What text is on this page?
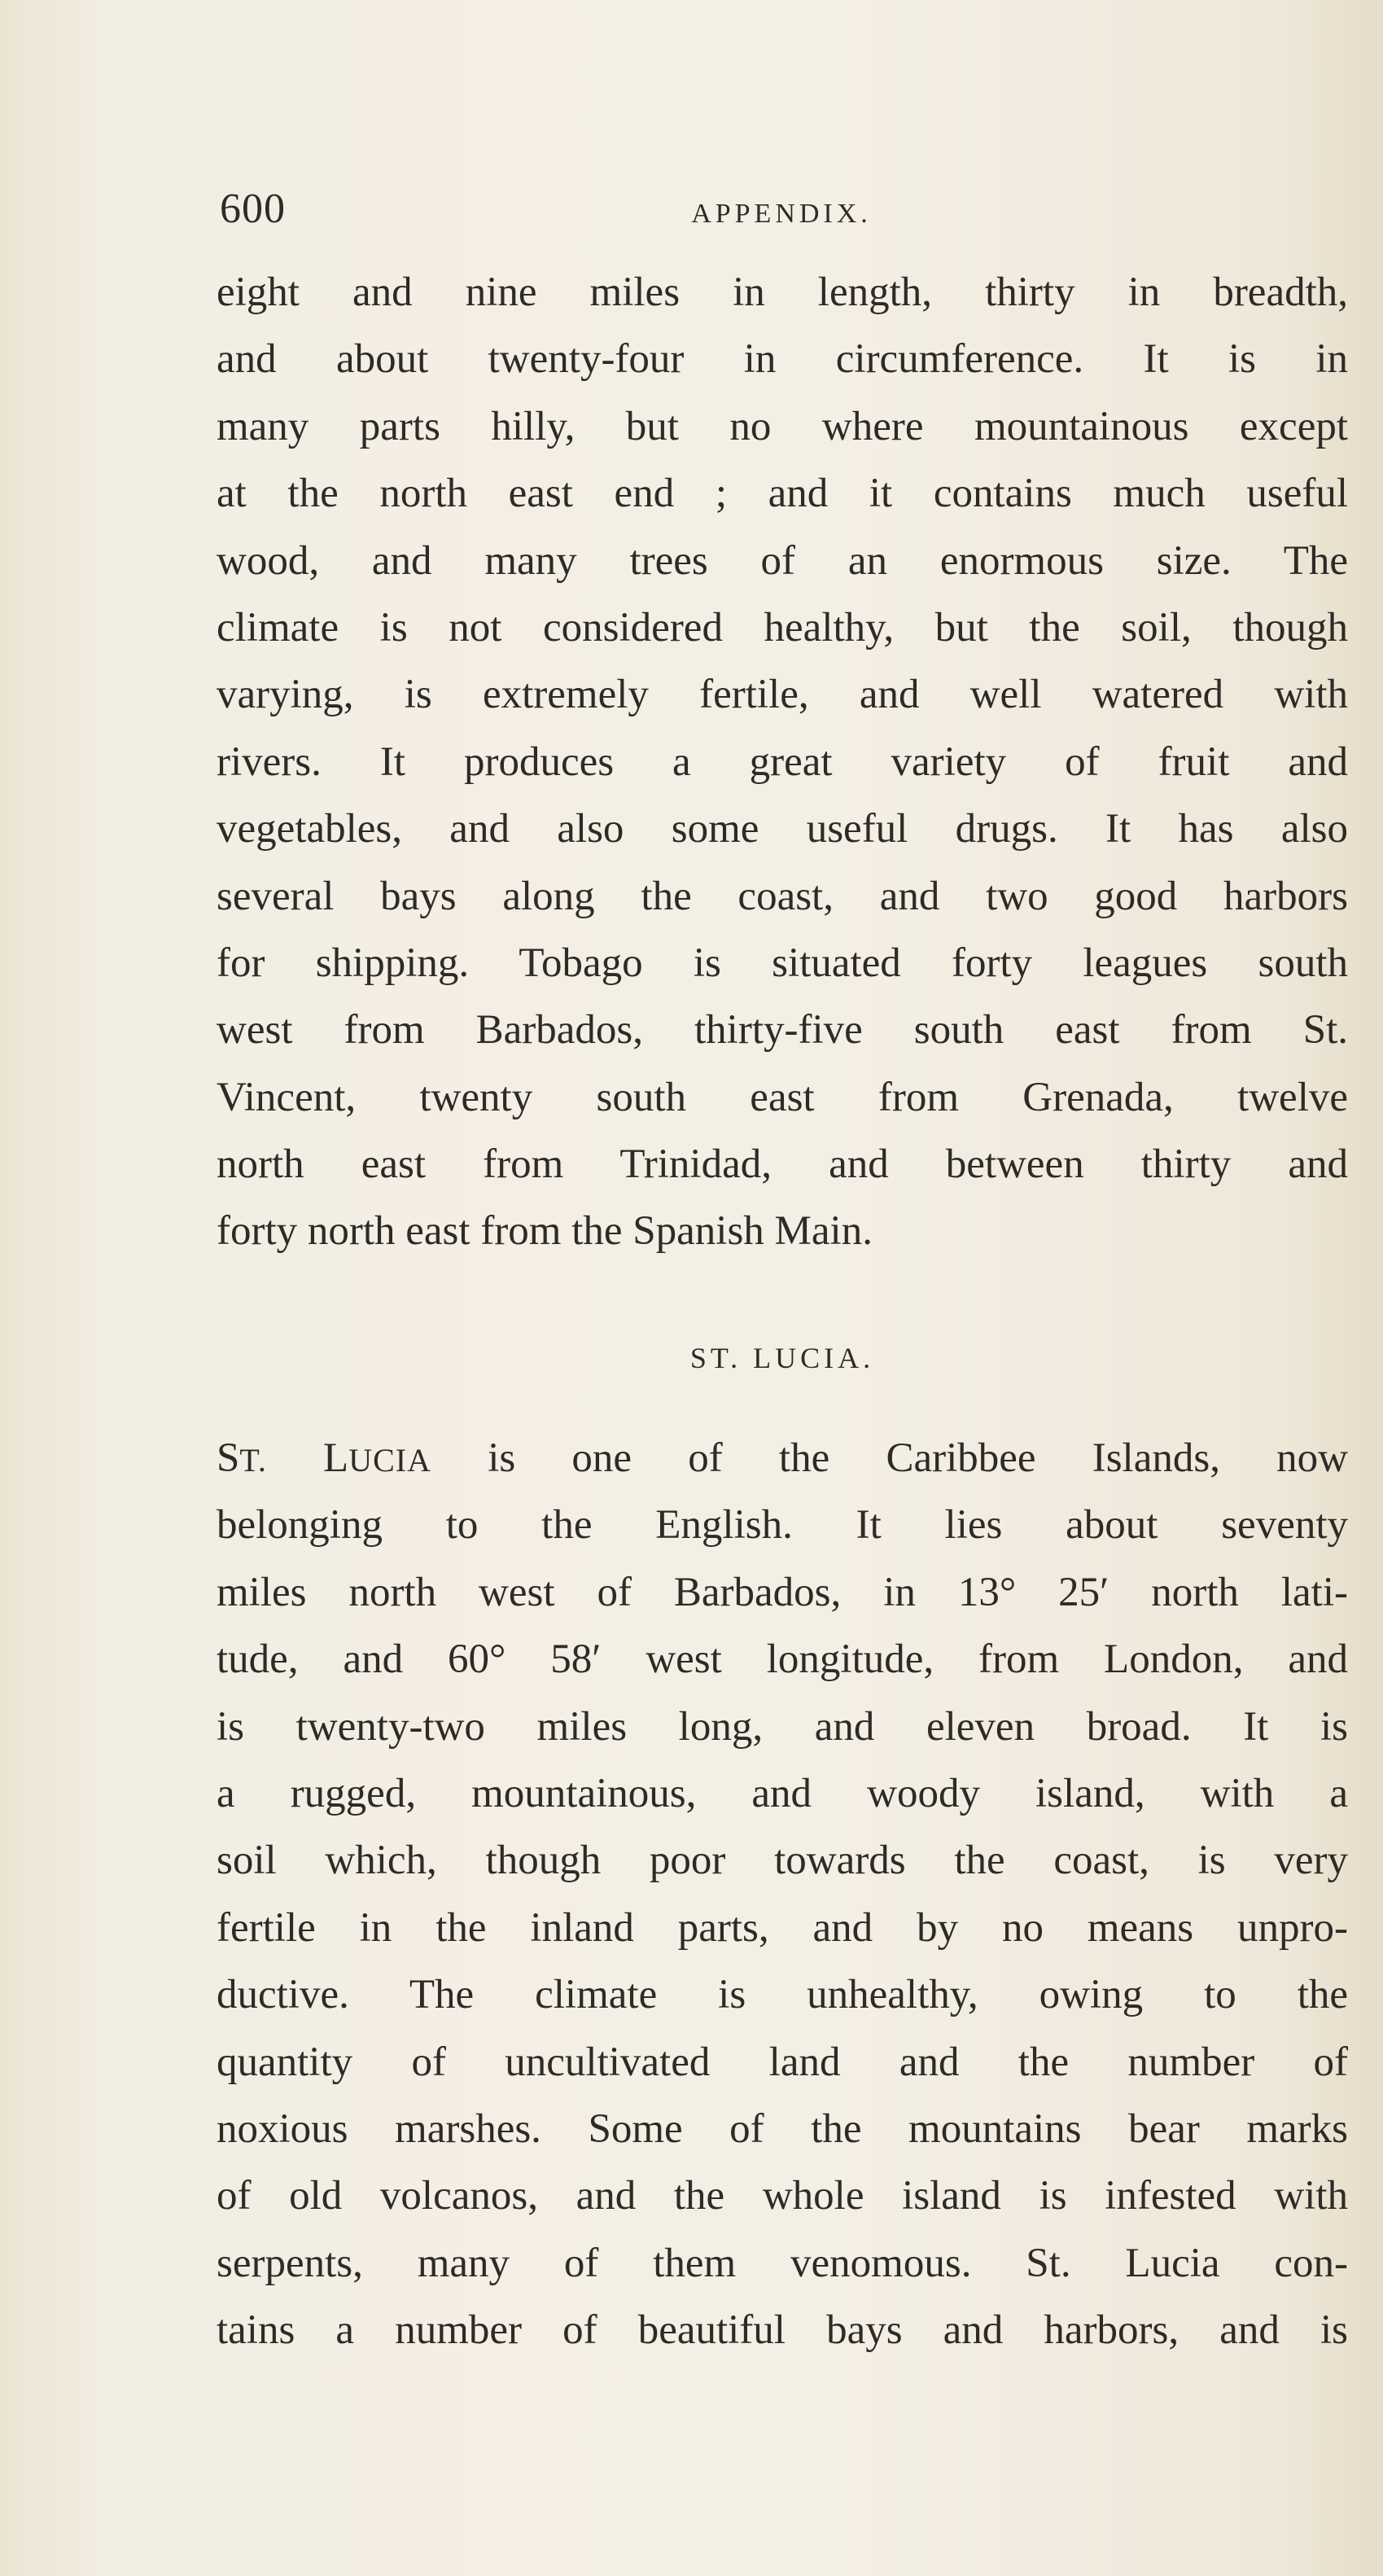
600	APPENDIX.
eight and nine miles in length, thirty in breadth,
and about twenty-four in circumference. It is in
many parts hilly, but no where mountainous except
at the north east end ; and it contains much useful
wood, and many trees of an enormous size. The
climate is not considered healthy, but the soil, though
varying, is extremely fertile, and well watered with
rivers. It produces a great variety of fruit and
vegetables, and also some useful drugs. It has also
several bays along the coast, and two good harbors
for shipping. Tobago is situated forty leagues south
west from Barbados, thirty-five south east from St.
Vincent, twenty south east from Grenada, twelve
north east from Trinidad, and between thirty and
forty north east from the Spanish Main.
ST. LUCIA.
ST. LUCIA is one of the Caribbee Islands, now
belonging to the English. It lies about seventy
miles north west of Barbados, in 13° 25′ north lati-
tude, and 60° 58′ west longitude, from London, and
is twenty-two miles long, and eleven broad. It is
a rugged, mountainous, and woody island, with a
soil which, though poor towards the coast, is very
fertile in the inland parts, and by no means unpro-
ductive. The climate is unhealthy, owing to the
quantity of uncultivated land and the number of
noxious marshes. Some of the mountains bear marks
of old volcanos, and the whole island is infested with
serpents, many of them venomous. St. Lucia con-
tains a number of beautiful bays and harbors, and is
